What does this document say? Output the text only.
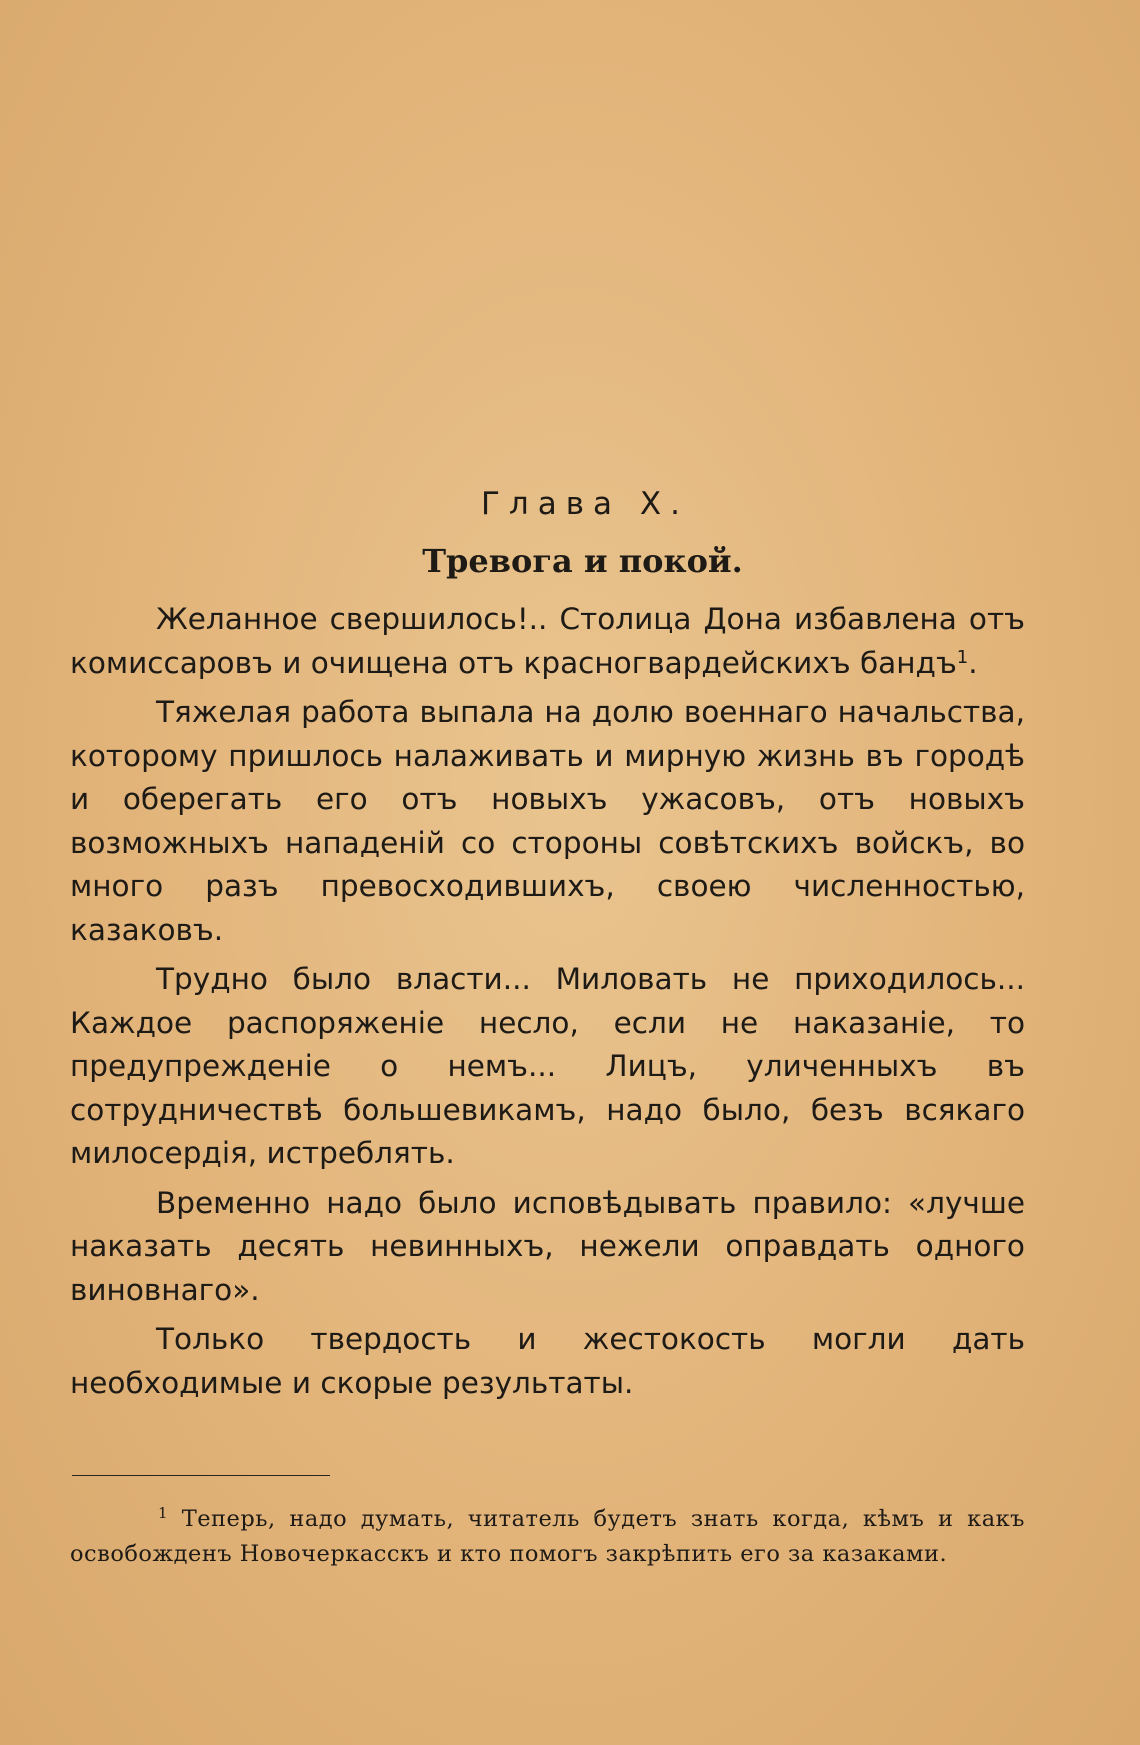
Глава X.
Тревога и покой.

Желанное свершилось!.. Столица Дона избавлена отъ комиссаровъ и очищена отъ красногвардейскихъ бандъ$^1$.

Тяжелая работа выпала на долю военнаго начальства, которому пришлось налаживать и мирную жизнь въ городѣ и оберегать его отъ новыхъ ужасовъ, отъ новыхъ возможныхъ нападенiй со стороны совѣтскихъ войскъ, во много разъ превосходившихъ, своею численностью, казаковъ.

Трудно было власти... Миловать не приходилось... Каждое распоряженiе несло, если не наказанiе, то предупрежденiе о немъ... Лицъ, уличенныхъ въ сотрудничествѣ большевикамъ, надо было, безъ всякаго милосердiя, истреблять.

Временно надо было исповѣдывать правило: «лучше наказать десять невинныхъ, нежели оправдать одного виновнаго».

Только твердость и жестокость могли дать необходимые и скорые результаты.

$^1$ Теперь, надо думать, читатель будетъ знать когда, кѣмъ и какъ освобожденъ Новочеркасскъ и кто помогъ закрѣпить его за казаками.
